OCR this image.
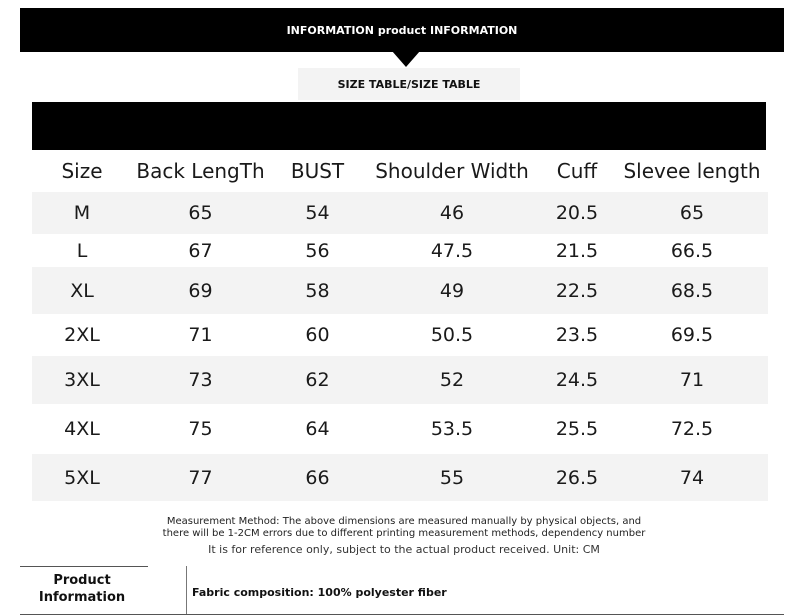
INFORMATION product INFORMATION
SIZE TABLE/SIZE TABLE
Size	Back LengTh	BUST	Shoulder Width	Cuff	Slevee length
M	65	54	46	20.5	65
L	67	56	47.5	21.5	66.5
XL	69	58	49	22.5	68.5
2XL	71	60	50.5	23.5	69.5
3XL	73	62	52	24.5	71
4XL	75	64	53.5	25.5	72.5
5XL	77	66	55	26.5	74
Measurement Method: The above dimensions are measured manually by physical objects, and
there will be 1-2CM errors due to different printing measurement methods, dependency number
It is for reference only, subject to the actual product received. Unit: CM
Product
Information	Fabric composition: 100% polyester fiber
